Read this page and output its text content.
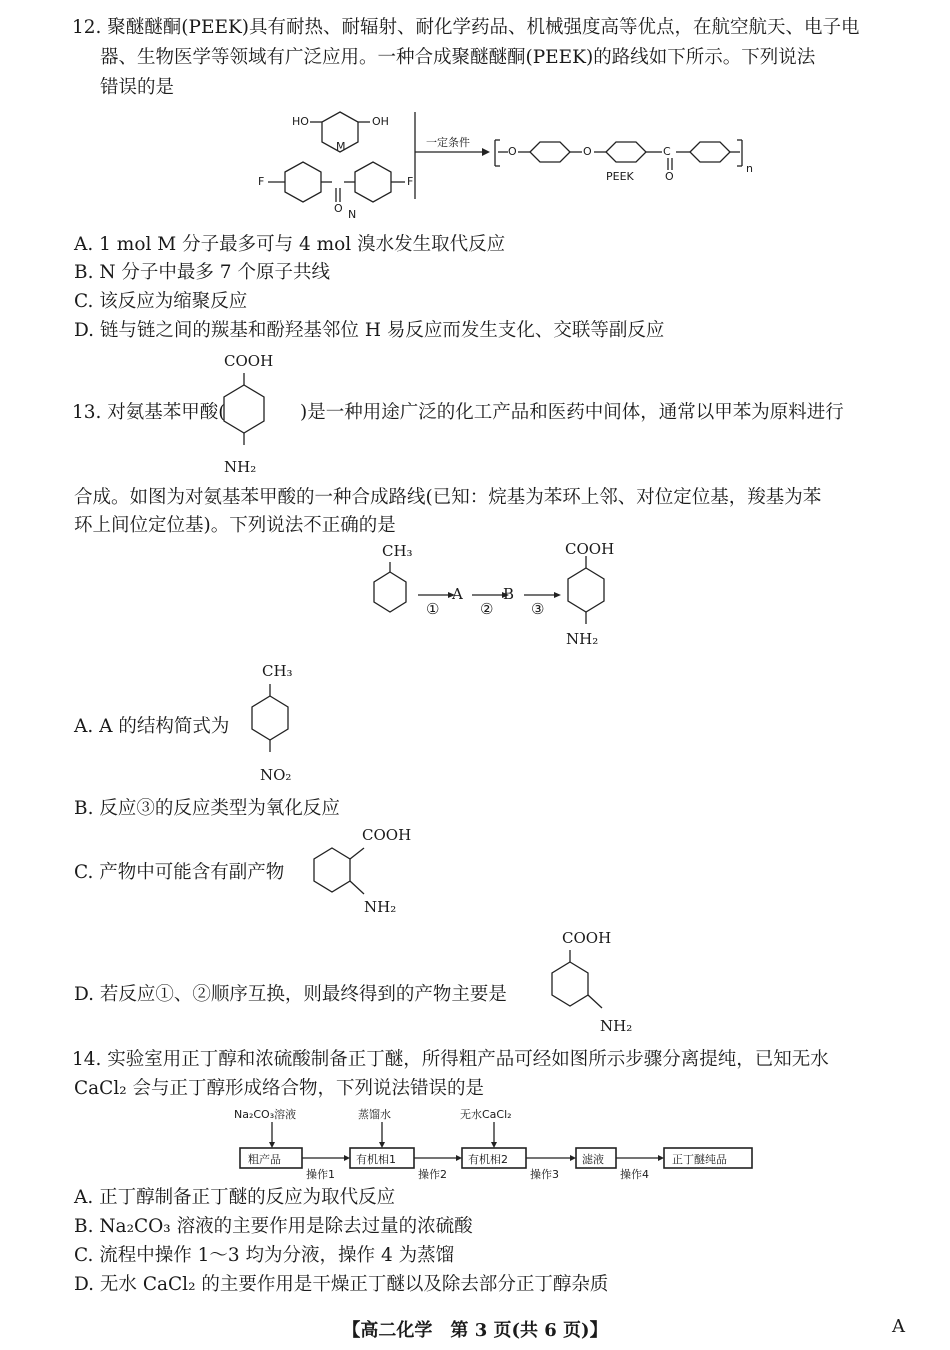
12. 聚醚醚酮(PEEK)具有耐热、耐辐射、耐化学药品、机械强度高等优点，在航空航天、电子电
器、生物医学等领域有广泛应用。一种合成聚醚醚酮(PEEK)的路线如下所示。下列说法
错误的是
HO	OH
M
F	F
O N
一定条件
O	O	C
O
PEEK
n
A. 1 mol M 分子最多可与 4 mol 溴水发生取代反应
B. N 分子中最多 7 个原子共线
C. 该反应为缩聚反应
D. 链与链之间的羰基和酚羟基邻位 H 易反应而发生支化、交联等副反应
COOH
13. 对氨基苯甲酸(	)是一种用途广泛的化工产品和医药中间体，通常以甲苯为原料进行
NH₂
合成。如图为对氨基苯甲酸的一种合成路线(已知：烷基为苯环上邻、对位定位基，羧基为苯
环上间位定位基)。下列说法不正确的是
CH₃
A	B
①	②	③
COOH
NH₂
CH₃
A. A 的结构简式为
NO₂
B. 反应③的反应类型为氧化反应
COOH
C. 产物中可能含有副产物
NH₂
COOH
D. 若反应①、②顺序互换，则最终得到的产物主要是
NH₂
14. 实验室用正丁醇和浓硫酸制备正丁醚，所得粗产品可经如图所示步骤分离提纯，已知无水
CaCl₂ 会与正丁醇形成络合物，下列说法错误的是
Na₂CO₃溶液	蒸馏水	无水CaCl₂
粗产品	有机相1	有机相2	滤液	正丁醚纯品
操作1	操作2	操作3	操作4
A. 正丁醇制备正丁醚的反应为取代反应
B. Na₂CO₃ 溶液的主要作用是除去过量的浓硫酸
C. 流程中操作 1～3 均为分液，操作 4 为蒸馏
D. 无水 CaCl₂ 的主要作用是干燥正丁醚以及除去部分正丁醇杂质
【高二化学　第 3 页(共 6 页)】	A
